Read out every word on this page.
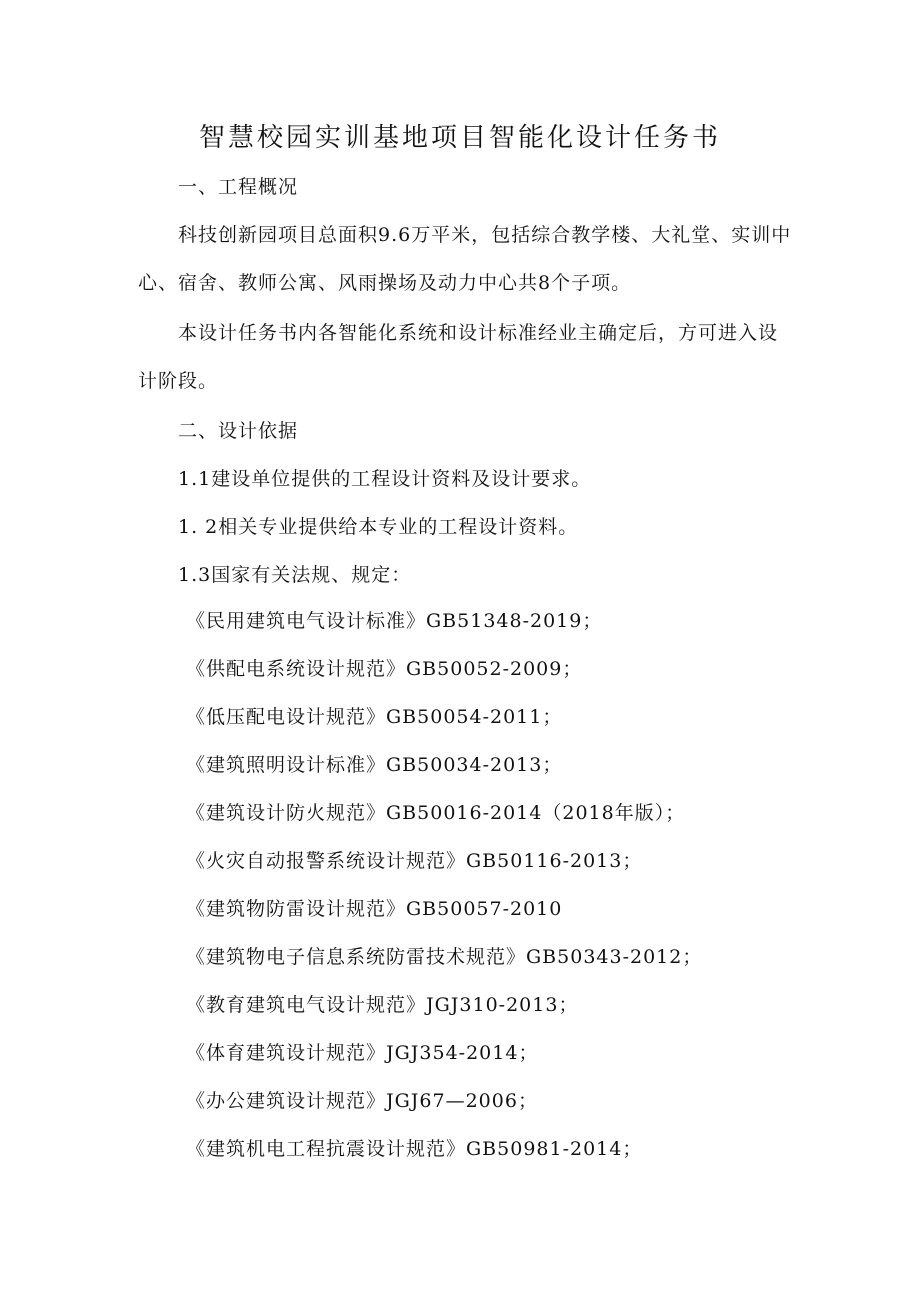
智慧校园实训基地项目智能化设计任务书
一、工程概况
科技创新园项目总面积9.6万平米，包括综合教学楼、大礼堂、实训中
心、宿舍、教师公寓、风雨操场及动力中心共8个子项。
本设计任务书内各智能化系统和设计标准经业主确定后，方可进入设
计阶段。
二、设计依据
1.1建设单位提供的工程设计资料及设计要求。
1. 2相关专业提供给本专业的工程设计资料。
1.3国家有关法规、规定：
《民用建筑电气设计标准》GB51348-2019；
《供配电系统设计规范》GB50052-2009；
《低压配电设计规范》GB50054-2011；
《建筑照明设计标准》GB50034-2013；
《建筑设计防火规范》GB50016-2014（2018年版）；
《火灾自动报警系统设计规范》GB50116-2013；
《建筑物防雷设计规范》GB50057-2010
《建筑物电子信息系统防雷技术规范》GB50343-2012；
《教育建筑电气设计规范》JGJ310-2013；
《体育建筑设计规范》JGJ354-2014；
《办公建筑设计规范》JGJ67—2006；
《建筑机电工程抗震设计规范》GB50981-2014；
